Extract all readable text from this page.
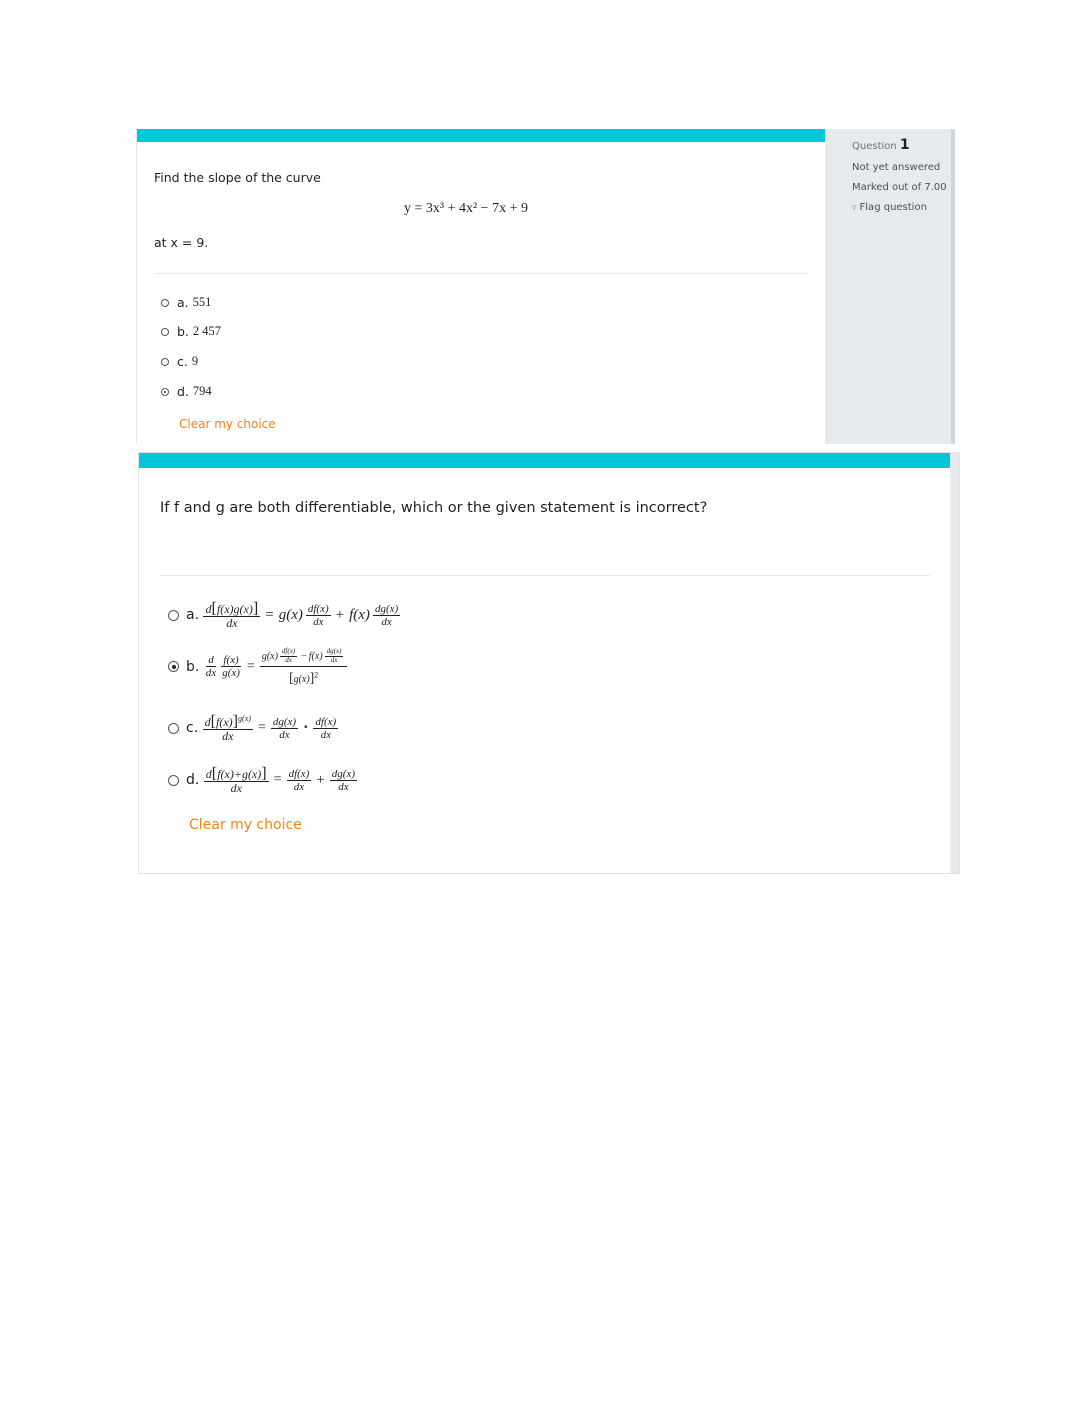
Question 1
Not yet answered
Marked out of 7.00
▿ Flag question
Find the slope of the curve
y = 3x³ + 4x² − 7x + 9
at x = 9.
a.
551
b.
2 457
c.
9
d.
794
Clear my choice
If f and g are both differentiable, which or the given statement is incorrect?
a.
$\frac{d[f(x)g(x)]}{dx} = g(x) \frac{df(x)}{dx} + f(x) \frac{dg(x)}{dx}$
b.
$\frac{d}{dx} \frac{f(x)}{g(x)} = \frac{g(x) \frac{df(x)}{dx} - f(x) \frac{dg(x)}{dx}}{[g(x)]^2}$
c.
$\frac{d[f(x)]^{g(x)}}{dx} = \frac{dg(x)}{dx} \cdot \frac{df(x)}{dx}$
d.
$\frac{d[f(x)+g(x)]}{dx} = \frac{df(x)}{dx} + \frac{dg(x)}{dx}$
Clear my choice
